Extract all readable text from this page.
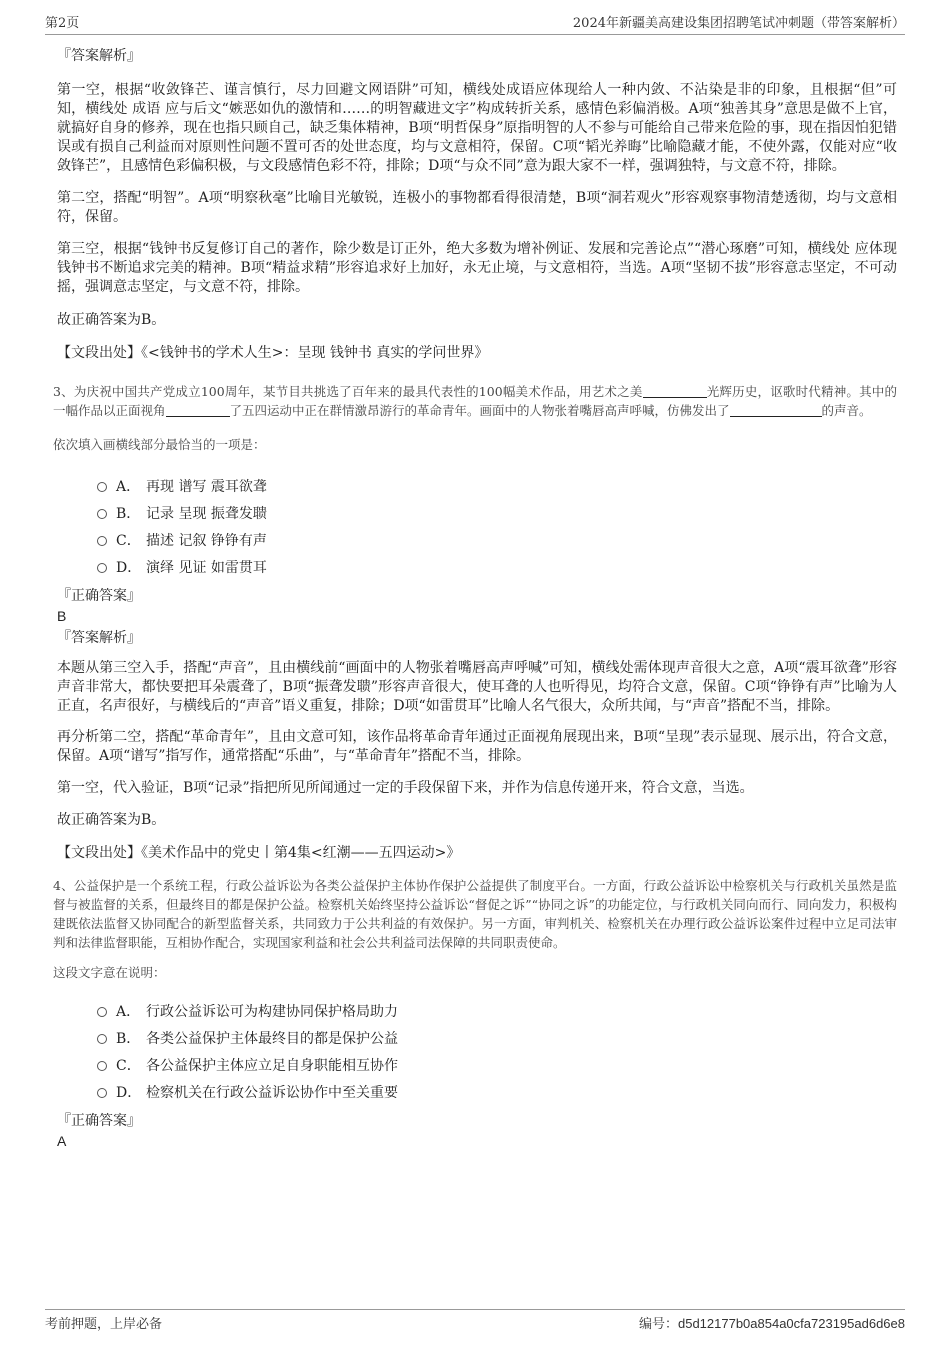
第2页	2024年新疆美高建设集团招聘笔试冲刺题（带答案解析）

『答案解析』

第一空，根据“收敛锋芒、谨言慎行，尽力回避文网语阱”可知，横线处成语应体现给人一种内敛、不沾染是非的印象，且根据“但”可知，横线处 成语 应与后文“嫉恶如仇的激情和……的明智藏进文字”构成转折关系，感情色彩偏消极。A项“独善其身”意思是做不上官，就搞好自身的修养，现在也指只顾自己，缺乏集体精神，B项“明哲保身”原指明智的人不参与可能给自己带来危险的事，现在指因怕犯错误或有损自己利益而对原则性问题不置可否的处世态度，均与文意相符，保留。C项“韬光养晦”比喻隐藏才能，不使外露，仅能对应“收敛锋芒”，且感情色彩偏积极，与文段感情色彩不符，排除；D项“与众不同”意为跟大家不一样，强调独特，与文意不符，排除。

第二空，搭配“明智”。A项“明察秋毫”比喻目光敏锐，连极小的事物都看得很清楚，B项“洞若观火”形容观察事物清楚透彻，均与文意相符，保留。

第三空，根据“钱钟书反复修订自己的著作，除少数是订正外，绝大多数为增补例证、发展和完善论点”“潜心琢磨”可知，横线处 应体现钱钟书不断追求完美的精神。B项“精益求精”形容追求好上加好，永无止境，与文意相符，当选。A项“坚韧不拔”形容意志坚定，不可动摇，强调意志坚定，与文意不符，排除。

故正确答案为B。

【文段出处】《<钱钟书的学术人生>：呈现 钱钟书 真实的学问世界》

3、为庆祝中国共产党成立100周年，某节目共挑选了百年来的最具代表性的100幅美术作品，用艺术之美	光辉历史，讴歌时代精神。其中的一幅作品以正面视角	了五四运动中正在群情激昂游行的革命青年。画面中的人物张着嘴唇高声呼喊，仿佛发出了	的声音。

依次填入画横线部分最恰当的一项是：

A． 再现 谱写 震耳欲聋
B． 记录 呈现 振聋发聩
C． 描述 记叙 铮铮有声
D． 演绎 见证 如雷贯耳

『正确答案』

B

『答案解析』

本题从第三空入手，搭配“声音”，且由横线前“画面中的人物张着嘴唇高声呼喊”可知，横线处需体现声音很大之意，A项“震耳欲聋”形容声音非常大，都快要把耳朵震聋了，B项“振聋发聩”形容声音很大，使耳聋的人也听得见，均符合文意，保留。C项“铮铮有声”比喻为人正直，名声很好，与横线后的“声音”语义重复，排除；D项“如雷贯耳”比喻人名气很大，众所共闻，与“声音”搭配不当，排除。

再分析第二空，搭配“革命青年”，且由文意可知，该作品将革命青年通过正面视角展现出来，B项“呈现”表示显现、展示出，符合文意，保留。A项“谱写”指写作，通常搭配“乐曲”，与“革命青年”搭配不当，排除。

第一空，代入验证，B项“记录”指把所见所闻通过一定的手段保留下来，并作为信息传递开来，符合文意，当选。

故正确答案为B。

【文段出处】《美术作品中的党史丨第4集<红潮——五四运动>》

4、公益保护是一个系统工程，行政公益诉讼为各类公益保护主体协作保护公益提供了制度平台。一方面，行政公益诉讼中检察机关与行政机关虽然是监督与被监督的关系，但最终目的都是保护公益。检察机关始终坚持公益诉讼“督促之诉”“协同之诉”的功能定位，与行政机关同向而行、同向发力，积极构建既依法监督又协同配合的新型监督关系，共同致力于公共利益的有效保护。另一方面，审判机关、检察机关在办理行政公益诉讼案件过程中立足司法审判和法律监督职能，互相协作配合，实现国家利益和社会公共利益司法保障的共同职责使命。

这段文字意在说明：

A． 行政公益诉讼可为构建协同保护格局助力
B． 各类公益保护主体最终目的都是保护公益
C． 各公益保护主体应立足自身职能相互协作
D． 检察机关在行政公益诉讼协作中至关重要

『正确答案』

A

考前押题，上岸必备	编号：d5d12177b0a854a0cfa723195ad6d6e8
